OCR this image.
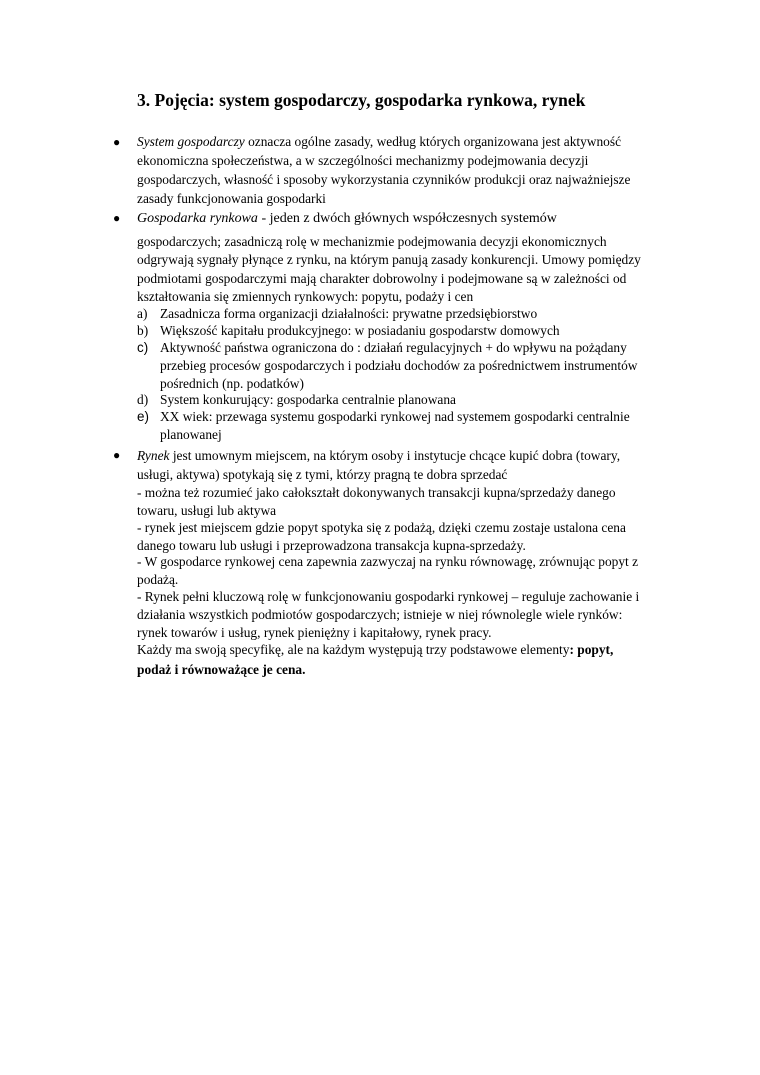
3. Pojęcia: system gospodarczy, gospodarka rynkowa, rynek
● System gospodarczy oznacza ogólne zasady, według których organizowana jest aktywność
ekonomiczna społeczeństwa, a w szczególności mechanizmy podejmowania decyzji
gospodarczych, własność i sposoby wykorzystania czynników produkcji oraz najważniejsze
zasady funkcjonowania gospodarki
● Gospodarka rynkowa - jeden z dwóch głównych współczesnych systemów
gospodarczych; zasadniczą rolę w mechanizmie podejmowania decyzji ekonomicznych
odgrywają sygnały płynące z rynku, na którym panują zasady konkurencji. Umowy pomiędzy
podmiotami gospodarczymi mają charakter dobrowolny i podejmowane są w zależności od
kształtowania się zmiennych rynkowych: popytu, podaży i cen
a) Zasadnicza forma organizacji działalności: prywatne przedsiębiorstwo
b) Większość kapitału produkcyjnego: w posiadaniu gospodarstw domowych
c) Aktywność państwa ograniczona do : działań regulacyjnych + do wpływu na pożądany
przebieg procesów gospodarczych i podziału dochodów za pośrednictwem instrumentów
pośrednich (np. podatków)
d) System konkurujący: gospodarka centralnie planowana
e) XX wiek: przewaga systemu gospodarki rynkowej nad systemem gospodarki centralnie
planowanej
● Rynek jest umownym miejscem, na którym osoby i instytucje chcące kupić dobra (towary,
usługi, aktywa) spotykają się z tymi, którzy pragną te dobra sprzedać
- można też rozumieć jako całokształt dokonywanych transakcji kupna/sprzedaży danego
towaru, usługi lub aktywa
- rynek jest miejscem gdzie popyt spotyka się z podażą, dzięki czemu zostaje ustalona cena
danego towaru lub usługi i przeprowadzona transakcja kupna-sprzedaży.
- W gospodarce rynkowej cena zapewnia zazwyczaj na rynku równowagę, zrównując popyt z
podażą.
- Rynek pełni kluczową rolę w funkcjonowaniu gospodarki rynkowej – reguluje zachowanie i
działania wszystkich podmiotów gospodarczych; istnieje w niej równolegle wiele rynków:
rynek towarów i usług, rynek pieniężny i kapitałowy, rynek pracy.
Każdy ma swoją specyfikę, ale na każdym występują trzy podstawowe elementy: popyt,
podaż i równoważące je cena.
